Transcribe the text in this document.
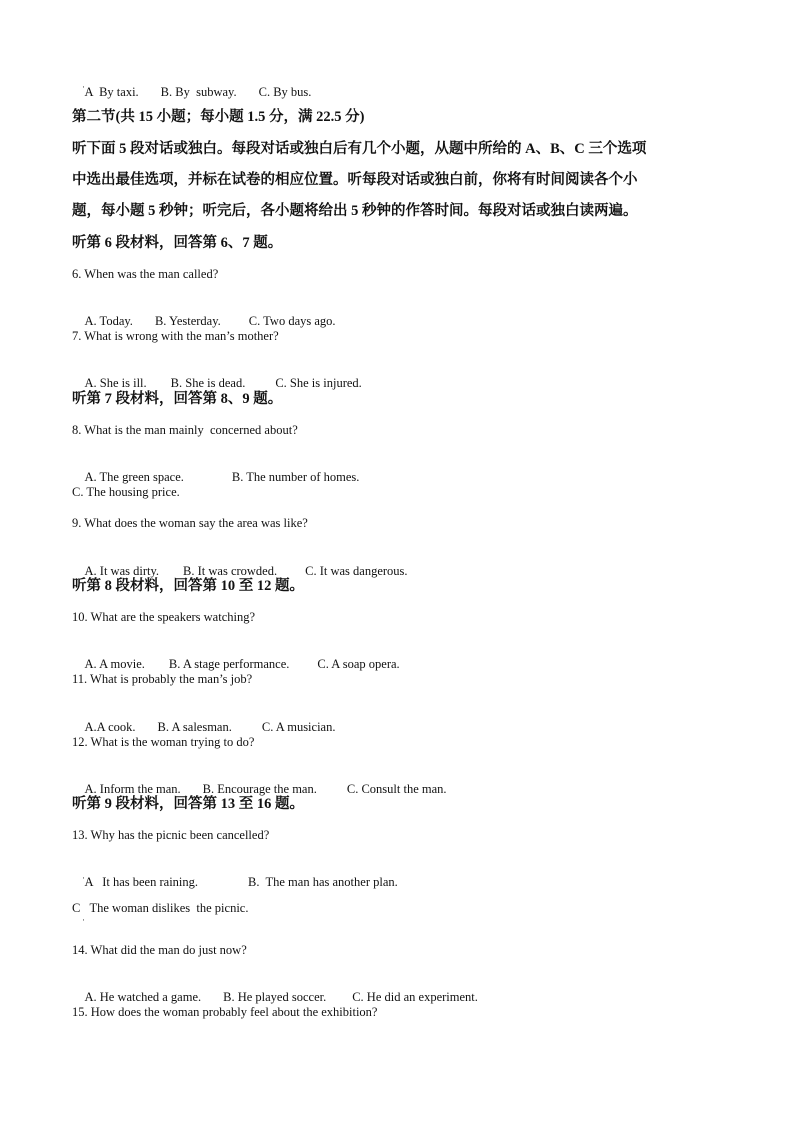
A  By taxi. B. By  subway. C. By bus.

·
第二节(共 15 小题；每小题 1.5 分，满 22.5 分)
听下面 5 段对话或独白。每段对话或独白后有几个小题，从题中所给的 A、B、C 三个选项
中选出最佳选项，并标在试卷的相应位置。听每段对话或独白前，你将有时间阅读各个小
题，每小题 5 秒钟；听完后，各小题将给出 5 秒钟的作答时间。每段对话或独白读两遍。
听第 6 段材料，回答第 6、7 题。
6. When was the man called?

A. Today. B. Yesterday. C. Two days ago.

7. What is wrong with the man’s mother?

A. She is ill. B. She is dead. C. She is injured.

听第 7 段材料，回答第 8、9 题。
8. What is the man mainly  concerned about?

A. The green space.	B. The number of homes.

C. The housing price.
9. What does the woman say the area was like?

A. It was dirty. B. It was crowded. C. It was dangerous.

听第 8 段材料，回答第 10 至 12 题。
10. What are the speakers watching?

A. A movie. B. A stage performance. C. A soap opera.

11. What is probably the man’s job?

A.A cook. B. A salesman. C. A musician.

12. What is the woman trying to do?

A. Inform the man. B. Encourage the man. C. Consult the man.

听第 9 段材料，回答第 13 至 16 题。
13. Why has the picnic been cancelled?

A   It has been raining.	B.  The man has another plan.

·
C   The woman dislikes  the picnic.
·
14. What did the man do just now?

A. He watched a game. B. He played soccer. C. He did an experiment.

15. How does the woman probably feel about the exhibition?
